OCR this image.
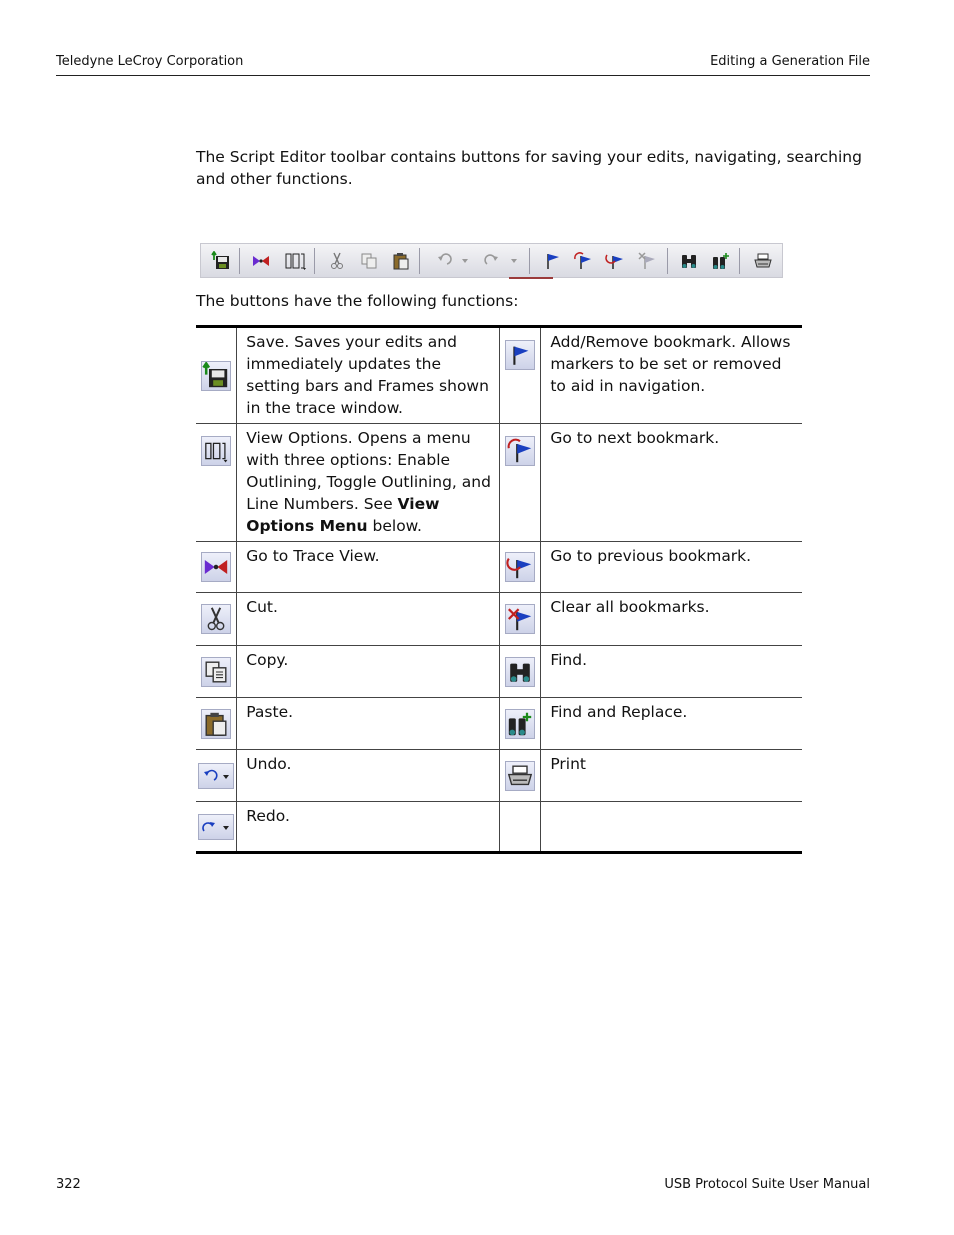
Teledyne LeCroy Corporation	Editing a Generation File

The Script Editor toolbar contains buttons for saving your edits, navigating, searching and other functions.

The buttons have the following functions:
	Save. Saves your edits and immediately updates the setting bars and Frames shown in the trace window.		Add/Remove bookmark. Allows markers to be set or removed to aid in navigation.
	View Options. Opens a menu with three options: Enable Outlining, Toggle Outlining, and Line Numbers. See View Options Menu below.		Go to next bookmark.
	Go to Trace View.		Go to previous bookmark.
	Cut.		Clear all bookmarks.
	Copy.		Find.
	Paste.		Find and Replace.
	Undo.		Print
	Redo.		
322	USB Protocol Suite User Manual
